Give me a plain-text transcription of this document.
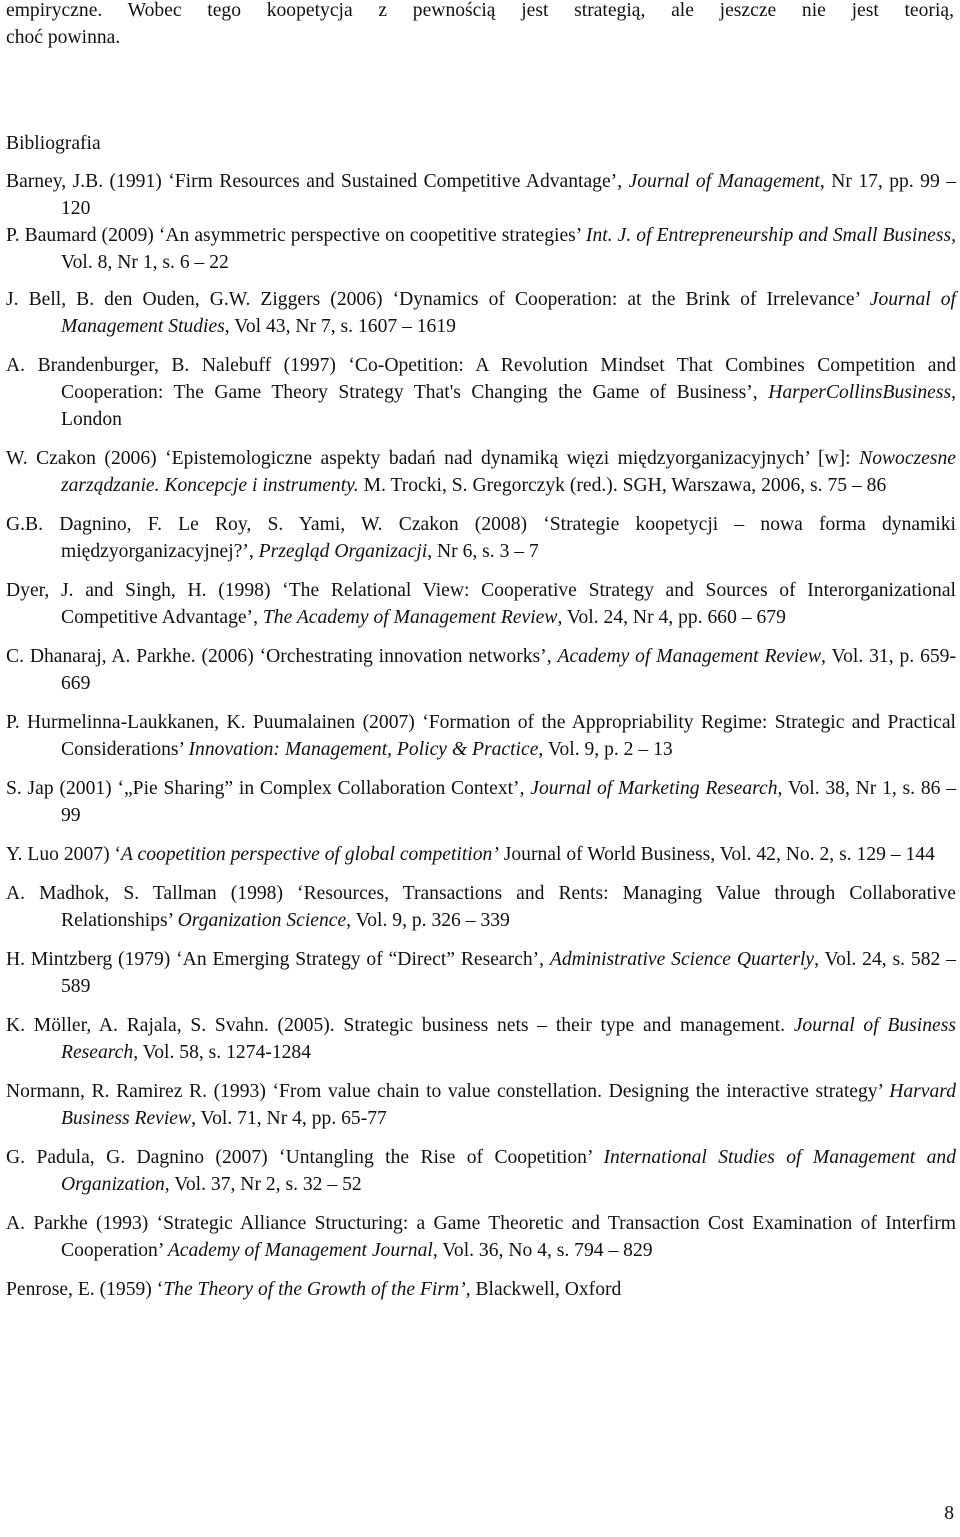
empiryczne. Wobec tego koopetycja z pewnością jest strategią, ale jeszcze nie jest teorią,
choć powinna.

Bibliografia
Barney, J.B. (1991) ‘Firm Resources and Sustained Competitive Advantage’, Journal of Management, Nr 17, pp. 99 – 120
P. Baumard (2009) ‘An asymmetric perspective on coopetitive strategies’ Int. J. of Entrepreneurship and Small Business, Vol. 8, Nr 1, s. 6 – 22
J. Bell, B. den Ouden, G.W. Ziggers (2006) ‘Dynamics of Cooperation: at the Brink of Irrelevance’ Journal of Management Studies, Vol 43, Nr 7, s. 1607 – 1619
A. Brandenburger, B. Nalebuff (1997) ‘Co-Opetition: A Revolution Mindset That Combines Competition and Cooperation: The Game Theory Strategy That's Changing the Game of Business’, HarperCollinsBusiness, London
W. Czakon (2006) ‘Epistemologiczne aspekty badań nad dynamiką więzi międzyorganizacyjnych’ [w]: Nowoczesne zarządzanie. Koncepcje i instrumenty. M. Trocki, S. Gregorczyk (red.). SGH, Warszawa, 2006, s. 75 – 86
G.B. Dagnino, F. Le Roy, S. Yami, W. Czakon (2008) ‘Strategie koopetycji – nowa forma dynamiki międzyorganizacyjnej?’, Przegląd Organizacji, Nr 6, s. 3 – 7
Dyer, J. and Singh, H. (1998) ‘The Relational View: Cooperative Strategy and Sources of Interorganizational Competitive Advantage’, The Academy of Management Review, Vol. 24, Nr 4, pp. 660 – 679
C. Dhanaraj, A. Parkhe. (2006) ‘Orchestrating innovation networks’, Academy of Management Review, Vol. 31, p. 659-669
P. Hurmelinna-Laukkanen, K. Puumalainen (2007) ‘Formation of the Appropriability Regime: Strategic and Practical Considerations’ Innovation: Management, Policy & Practice, Vol. 9, p. 2 – 13
S. Jap (2001) ‘„Pie Sharing” in Complex Collaboration Context’, Journal of Marketing Research, Vol. 38, Nr 1, s. 86 – 99
Y. Luo 2007) ‘A coopetition perspective of global competition’ Journal of World Business, Vol. 42, No. 2, s. 129 – 144
A. Madhok, S. Tallman (1998) ‘Resources, Transactions and Rents: Managing Value through Collaborative Relationships’ Organization Science, Vol. 9, p. 326 – 339
H. Mintzberg (1979) ‘An Emerging Strategy of “Direct” Research’, Administrative Science Quarterly, Vol. 24, s. 582 – 589
K. Möller, A. Rajala, S. Svahn. (2005). Strategic business nets – their type and management. Journal of Business Research, Vol. 58, s. 1274-1284
Normann, R. Ramirez R. (1993) ‘From value chain to value constellation. Designing the interactive strategy’ Harvard Business Review, Vol. 71, Nr 4, pp. 65-77
G. Padula, G. Dagnino (2007) ‘Untangling the Rise of Coopetition’ International Studies of Management and Organization, Vol. 37, Nr 2, s. 32 – 52
A. Parkhe (1993) ‘Strategic Alliance Structuring: a Game Theoretic and Transaction Cost Examination of Interfirm Cooperation’ Academy of Management Journal, Vol. 36, No 4, s. 794 – 829
Penrose, E. (1959) ‘The Theory of the Growth of the Firm’, Blackwell, Oxford

8
